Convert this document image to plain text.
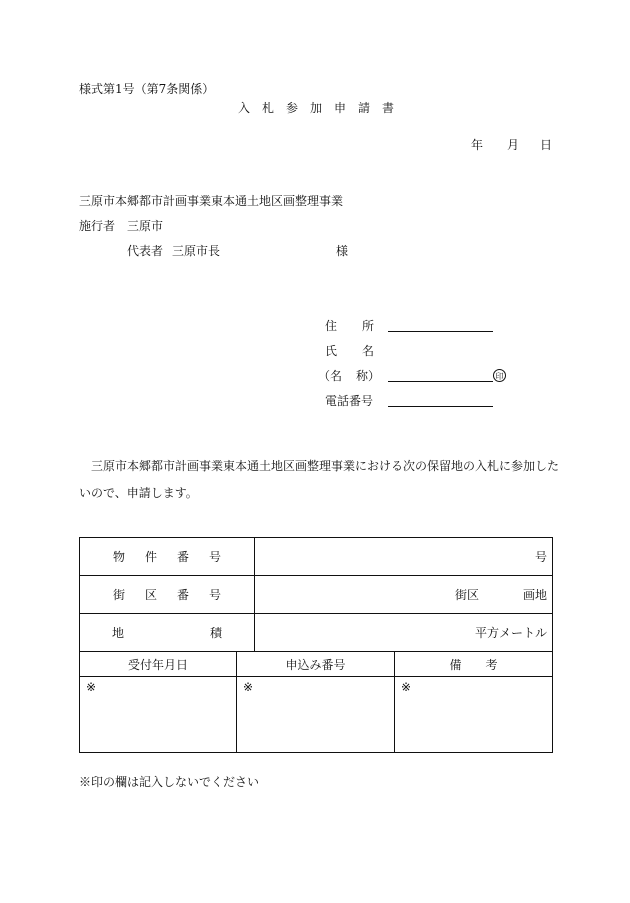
様式第1号（第7条関係）
入 札 参 加 申 請 書
年 月 日
三原市本郷都市計画事業東本通土地区画整理事業
施行者 三原市
代表者 三原市長	様
住 所
氏 名
（名 称）	印
電話番号
三原市本郷都市計画事業東本通土地区画整理事業における次の保留地の入札に参加した
いので、申請します。
物 件 番 号		号	
街 区 番 号		街区 画地	
地 積		平方メートル	
受付年月日	申込み番号		備　　考
※	※		※
※印の欄は記入しないでください
